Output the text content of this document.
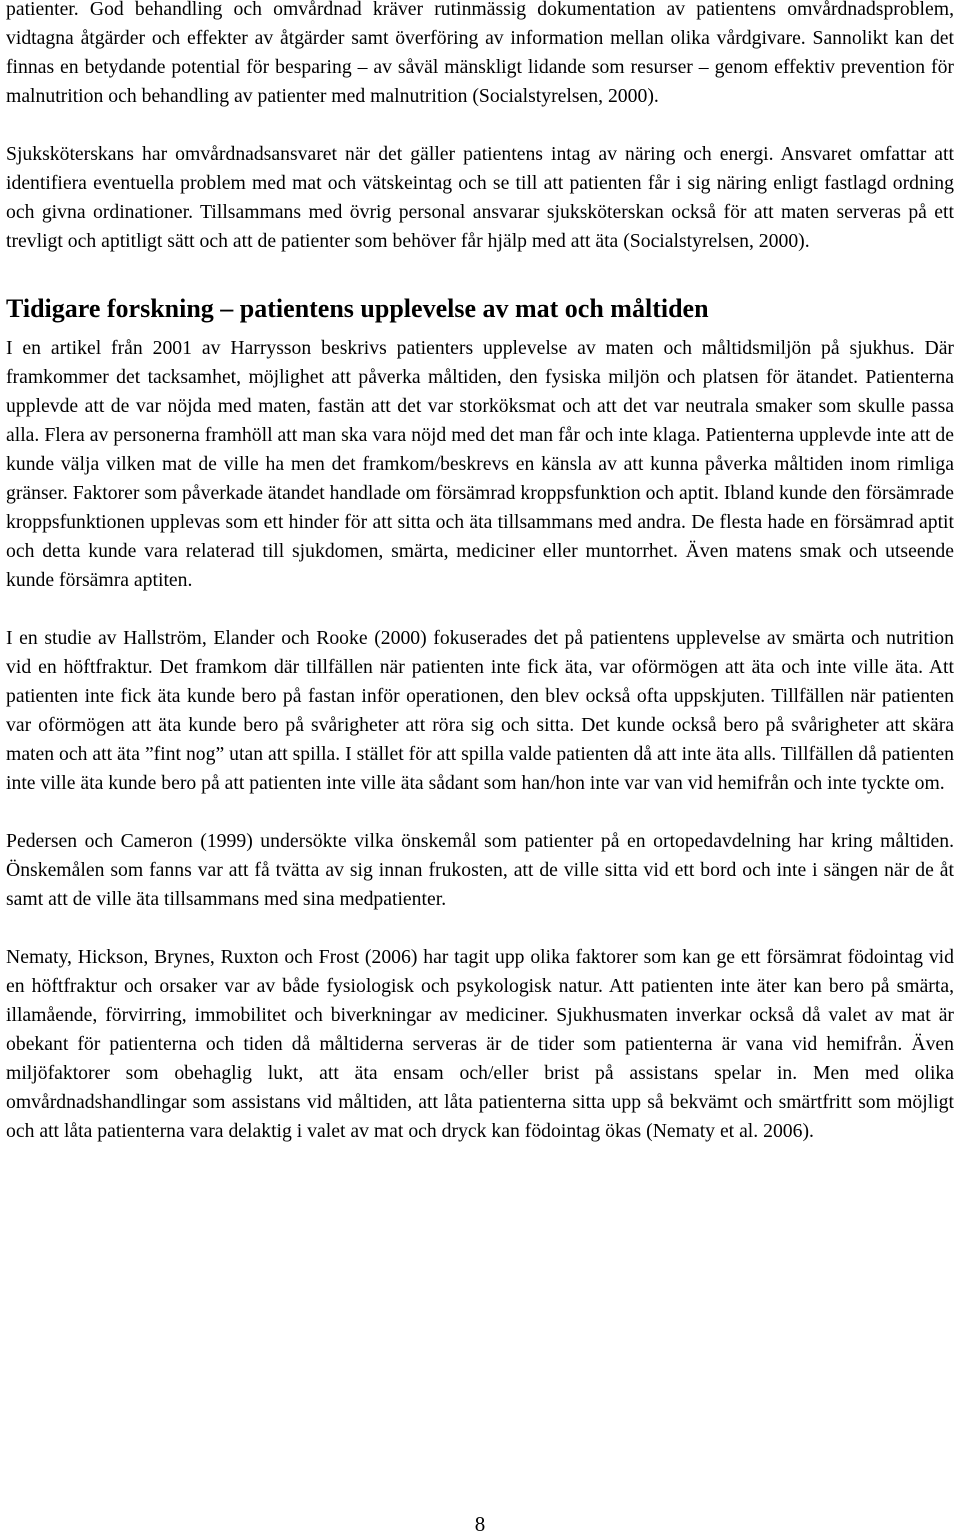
patienter. God behandling och omvårdnad kräver rutinmässig dokumentation av patientens omvårdnadsproblem, vidtagna åtgärder och effekter av åtgärder samt överföring av information mellan olika vårdgivare. Sannolikt kan det finnas en betydande potential för besparing – av såväl mänskligt lidande som resurser – genom effektiv prevention för malnutrition och behandling av patienter med malnutrition (Socialstyrelsen, 2000).

Sjuksköterskans har omvårdnadsansvaret när det gäller patientens intag av näring och energi. Ansvaret omfattar att identifiera eventuella problem med mat och vätskeintag och se till att patienten får i sig näring enligt fastlagd ordning och givna ordinationer. Tillsammans med övrig personal ansvarar sjuksköterskan också för att maten serveras på ett trevligt och aptitligt sätt och att de patienter som behöver får hjälp med att äta (Socialstyrelsen, 2000).

Tidigare forskning – patientens upplevelse av mat och måltiden

I en artikel från 2001 av Harrysson beskrivs patienters upplevelse av maten och måltidsmiljön på sjukhus. Där framkommer det tacksamhet, möjlighet att påverka måltiden, den fysiska miljön och platsen för ätandet. Patienterna upplevde att de var nöjda med maten, fastän att det var storköksmat och att det var neutrala smaker som skulle passa alla. Flera av personerna framhöll att man ska vara nöjd med det man får och inte klaga. Patienterna upplevde inte att de kunde välja vilken mat de ville ha men det framkom/beskrevs en känsla av att kunna påverka måltiden inom rimliga gränser. Faktorer som påverkade ätandet handlade om försämrad kroppsfunktion och aptit. Ibland kunde den försämrade kroppsfunktionen upplevas som ett hinder för att sitta och äta tillsammans med andra. De flesta hade en försämrad aptit och detta kunde vara relaterad till sjukdomen, smärta, mediciner eller muntorrhet. Även matens smak och utseende kunde försämra aptiten.

I en studie av Hallström, Elander och Rooke (2000) fokuserades det på patientens upplevelse av smärta och nutrition vid en höftfraktur. Det framkom där tillfällen när patienten inte fick äta, var oförmögen att äta och inte ville äta. Att patienten inte fick äta kunde bero på fastan inför operationen, den blev också ofta uppskjuten. Tillfällen när patienten var oförmögen att äta kunde bero på svårigheter att röra sig och sitta. Det kunde också bero på svårigheter att skära maten och att äta ”fint nog” utan att spilla. I stället för att spilla valde patienten då att inte äta alls. Tillfällen då patienten inte ville äta kunde bero på att patienten inte ville äta sådant som han/hon inte var van vid hemifrån och inte tyckte om.

Pedersen och Cameron (1999) undersökte vilka önskemål som patienter på en ortopedavdelning har kring måltiden. Önskemålen som fanns var att få tvätta av sig innan frukosten, att de ville sitta vid ett bord och inte i sängen när de åt samt att de ville äta tillsammans med sina medpatienter.

Nematy, Hickson, Brynes, Ruxton och Frost (2006) har tagit upp olika faktorer som kan ge ett försämrat födointag vid en höftfraktur och orsaker var av både fysiologisk och psykologisk natur. Att patienten inte äter kan bero på smärta, illamående, förvirring, immobilitet och biverkningar av mediciner. Sjukhusmaten inverkar också då valet av mat är obekant för patienterna och tiden då måltiderna serveras är de tider som patienterna är vana vid hemifrån. Även miljöfaktorer som obehaglig lukt, att äta ensam och/eller brist på assistans spelar in. Men med olika omvårdnadshandlingar som assistans vid måltiden, att låta patienterna sitta upp så bekvämt och smärtfritt som möjligt och att låta patienterna vara delaktig i valet av mat och dryck kan födointag ökas (Nematy et al. 2006).

8
